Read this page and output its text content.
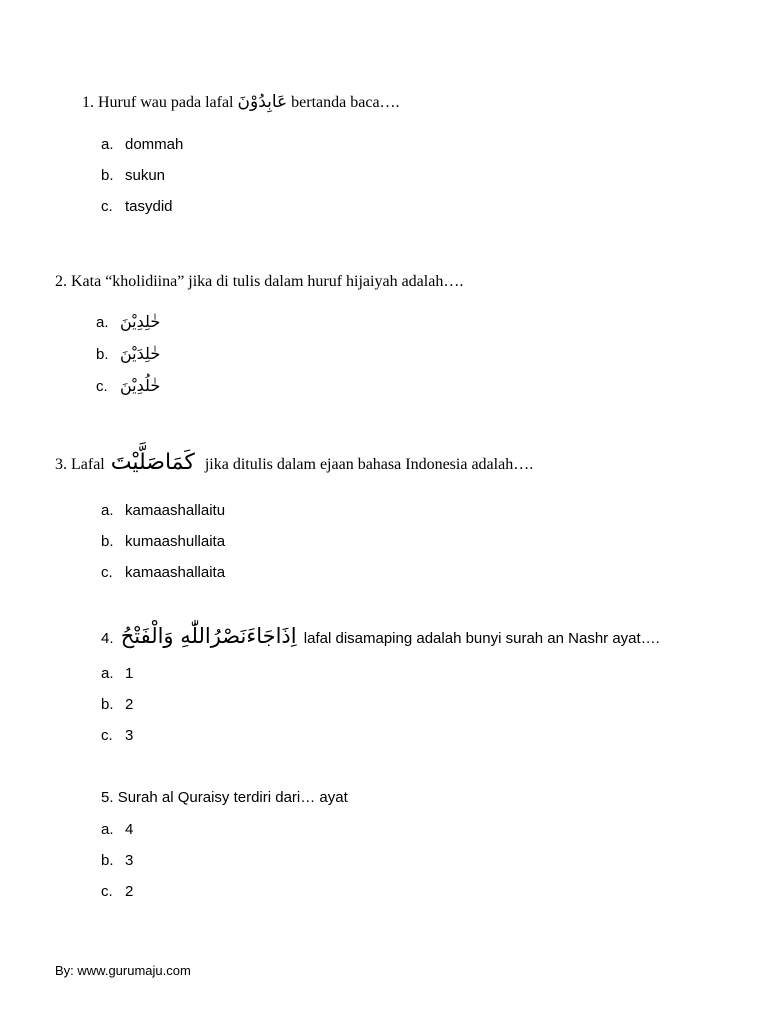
1. Huruf wau pada lafal عَابِدُوْنَ bertanda baca….
a. dommah
b. sukun
c. tasydid
2. Kata “kholidiina” jika di tulis dalam huruf hijaiyah adalah….
a. خٰلِدِيْنَ
b. خٰلِدَيْنَ
c. خٰلُدِيْنَ
3. Lafal كَمَاصَلَّيْتَ jika ditulis dalam ejaan bahasa Indonesia adalah….
a. kamaashallaitu
b. kumaashullaita
c. kamaashallaita
4. اِذَاجَاءَنَصْرُاللّٰهِ وَالْفَتْحُ lafal disamaping adalah bunyi surah an Nashr ayat….
a. 1
b. 2
c. 3
5. Surah al Quraisy terdiri dari… ayat
a. 4
b. 3
c. 2
By: www.gurumaju.com
